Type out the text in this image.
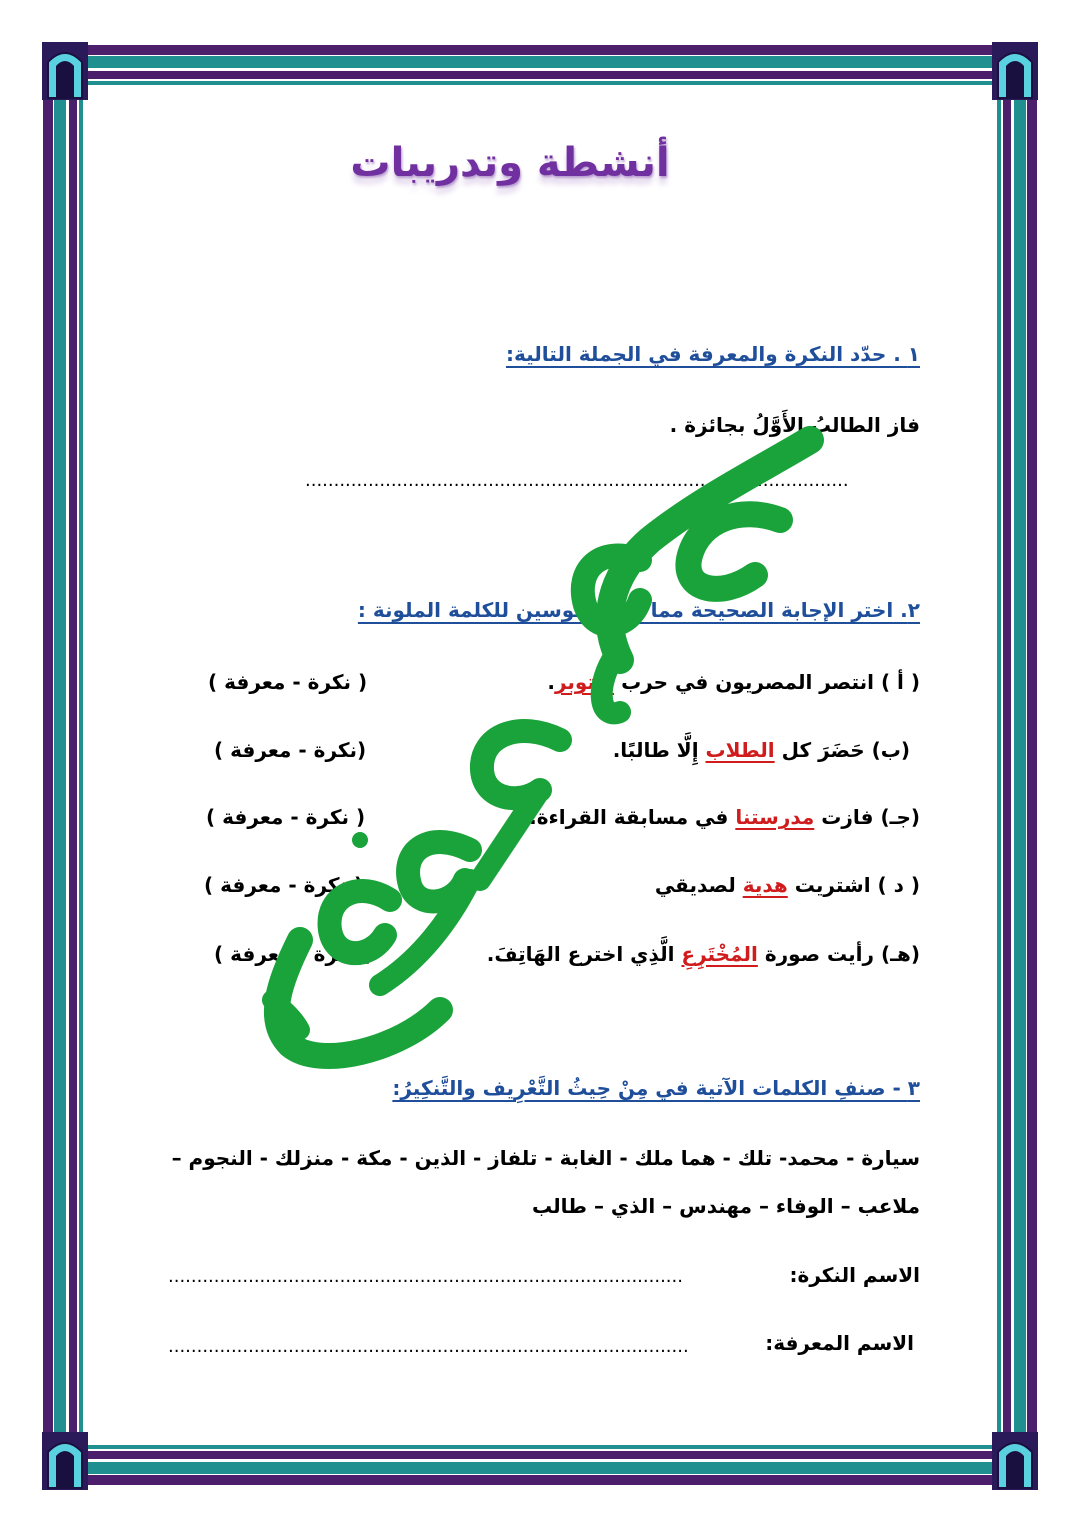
أنشطة وتدريبات
١ . حدّد النكرة والمعرفة في الجملة التالية:
فاز الطالبُ الأَوَّلُ بجائزة .
...............................................................................................
٢. اختر الإجابة الصحيحة مما بين القوسين للكلمة الملونة :
( أ ) انتصر المصريون في حرب أكتوبر.
( نكرة - معرفة )
(ب) حَضَرَ كل الطلاب إِلَّا طالبًا.
(نكرة - معرفة )
(جـ) فازت مدرستنا في مسابقة القراءة.
( نكرة - معرفة )
( د ) اشتريت هدية لصديقي
( نكرة - معرفة )
(هـ) رأيت صورة المُخْتَرِعِ الَّذِي اخترع الهَاتِفَ.
( نكرة - معرفة )
٣ - صنفِ الكلمات الآتية في مِنْ حِيثُ التَّعْرِيف والتَّنكِيرُ:
سيارة - محمد- تلك - هما ملك - الغابة - تلفاز - الذين - مكة - منزلك - النجوم –
ملاعب – الوفاء – مهندس – الذي – طالب
الاسم النكرة:
..........................................................................................
الاسم المعرفة:
...........................................................................................
